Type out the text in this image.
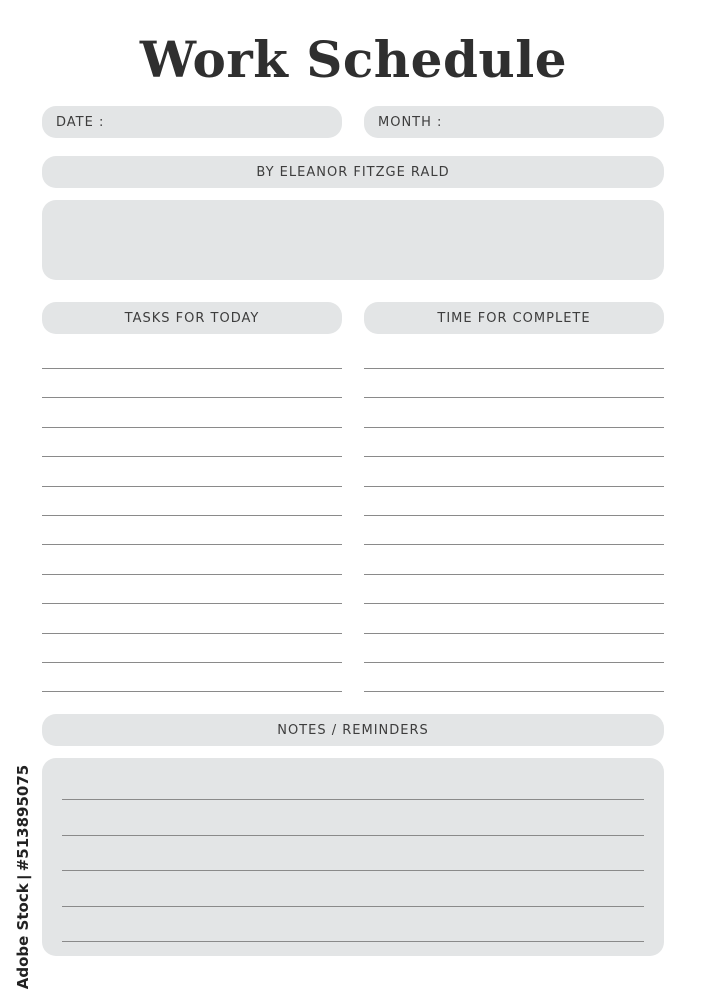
Work Schedule
DATE :	MONTH :
BY ELEANOR FITZGE RALD
TASKS FOR TODAY	TIME FOR COMPLETE
NOTES / REMINDERS
Adobe Stock#513895075
